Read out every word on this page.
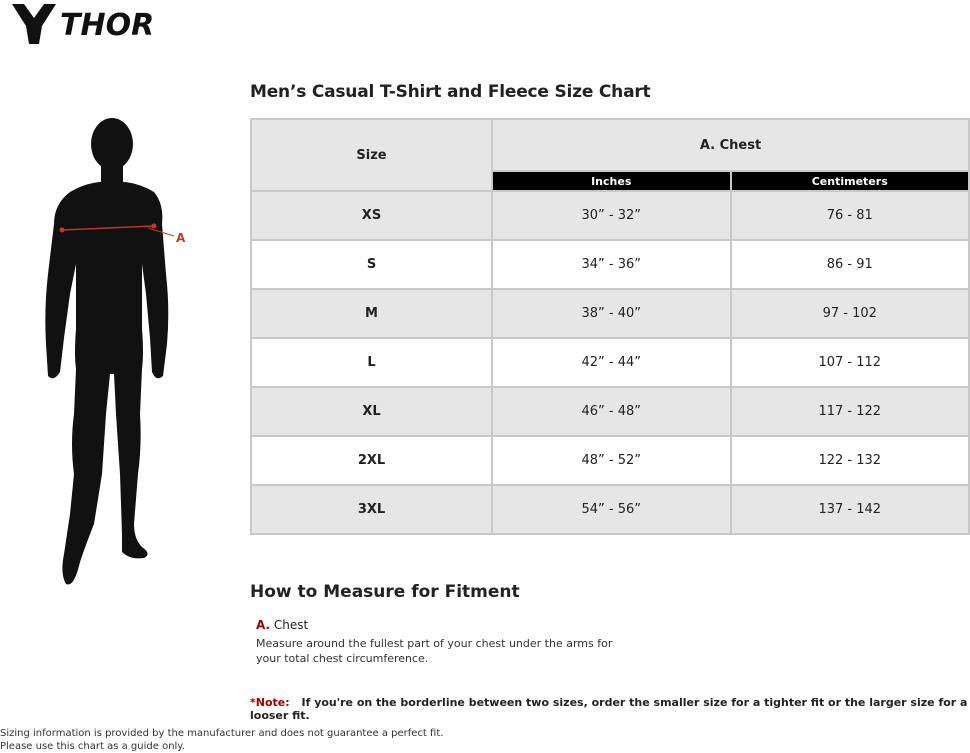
THOR
A
Men’s Casual T-Shirt and Fleece Size Chart
Size	A. Chest	
	Inches	Centimeters
XS	30” - 32”	76 - 81
S	34” - 36”	86 - 91
M	38” - 40”	97 - 102
L	42” - 44”	107 - 112
XL	46” - 48”	117 - 122
2XL	48” - 52”	122 - 132
3XL	54” - 56”	137 - 142
How to Measure for Fitment
A. Chest
Measure around the fullest part of your chest under the arms for your total chest circumference.
*Note: If you're on the borderline between two sizes, order the smaller size for a tighter fit or the larger size for a looser fit.
Sizing information is provided by the manufacturer and does not guarantee a perfect fit.
Please use this chart as a guide only.
